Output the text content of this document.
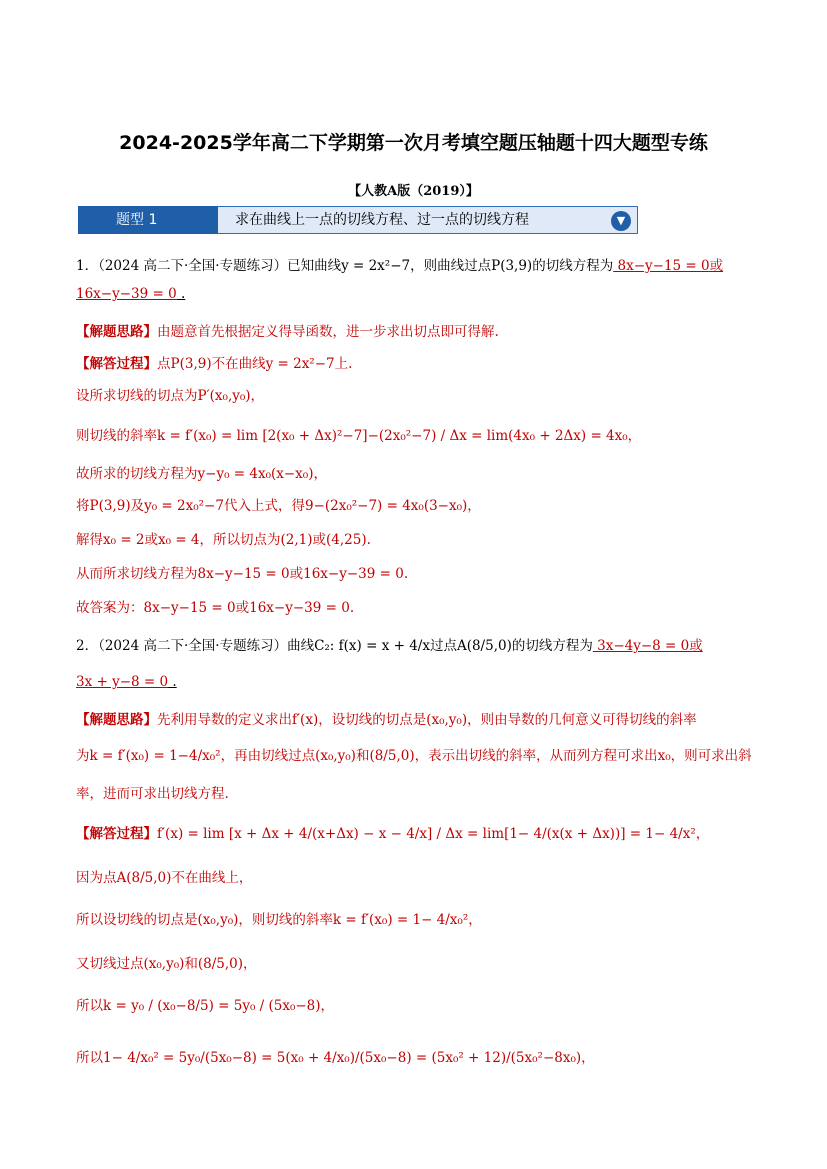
2024-2025学年高二下学期第一次月考填空题压轴题十四大题型专练
【人教A版（2019）】
求在曲线上一点的切线方程、过一点的切线方程	▼
题型 1
1．（2024 高二下·全国·专题练习）已知曲线y = 2x²−7，则曲线过点P(3,9)的切线方程为 8x−y−15 = 0或
16x−y−39 = 0 .
【解题思路】由题意首先根据定义得导函数，进一步求出切点即可得解.
【解答过程】点P(3,9)不在曲线y = 2x²−7上.
设所求切线的切点为P′(x₀,y₀)，
则切线的斜率k = f′(x₀) = lim [2(x₀ + Δx)²−7]−(2x₀²−7) / Δx = lim(4x₀ + 2Δx) = 4x₀，
故所求的切线方程为y−y₀ = 4x₀(x−x₀)，
将P(3,9)及y₀ = 2x₀²−7代入上式，得9−(2x₀²−7) = 4x₀(3−x₀)，
解得x₀ = 2或x₀ = 4，所以切点为(2,1)或(4,25).
从而所求切线方程为8x−y−15 = 0或16x−y−39 = 0.
故答案为：8x−y−15 = 0或16x−y−39 = 0.
2．（2024 高二下·全国·专题练习）曲线C₂: f(x) = x + 4/x过点A(8/5,0)的切线方程为 3x−4y−8 = 0或
3x + y−8 = 0 .
【解题思路】先利用导数的定义求出f′(x)，设切线的切点是(x₀,y₀)，则由导数的几何意义可得切线的斜率
为k = f′(x₀) = 1−4/x₀²，再由切线过点(x₀,y₀)和(8/5,0)，表示出切线的斜率，从而列方程可求出x₀，则可求出斜
率，进而可求出切线方程.
【解答过程】f′(x) = lim [x + Δx + 4/(x+Δx) − x − 4/x] / Δx = lim[1− 4/(x(x + Δx))] = 1− 4/x²，
因为点A(8/5,0)不在曲线上，
所以设切线的切点是(x₀,y₀)，则切线的斜率k = f′(x₀) = 1− 4/x₀²，
又切线过点(x₀,y₀)和(8/5,0)，
所以k = y₀ / (x₀−8/5) = 5y₀ / (5x₀−8)，
所以1− 4/x₀² = 5y₀/(5x₀−8) = 5(x₀ + 4/x₀)/(5x₀−8) = (5x₀² + 12)/(5x₀²−8x₀)，
